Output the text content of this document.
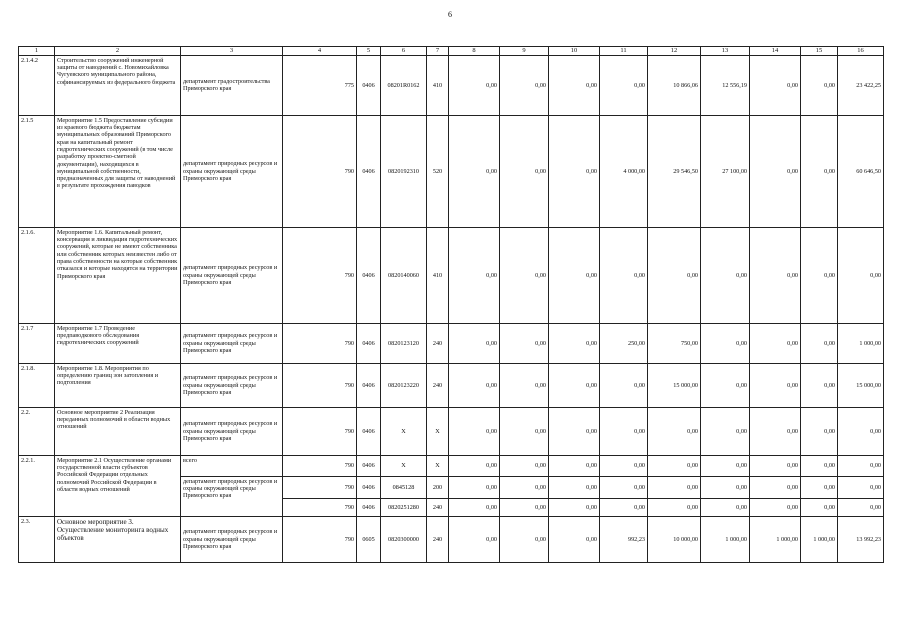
6
1	2	3	4	5	6	7	8	9	10	11	12	13	14	15	16
2.1.4.2	Строительство сооружений инженерной защиты от наводнений с. Новомихайловка Чугуевского муниципального района, софинансируемых из федерального бюджета	департамент градостроительства Приморского края	775	0406	08201R0162	410	0,00	0,00	0,00	0,00	10 866,06	12 556,19	0,00	0,00	23 422,25
2.1.5	Мероприятие 1.5 Предоставление субсидии из краевого бюджета бюджетам муниципальных образований Приморского края на капитальный ремонт гидротехнических сооружений (в том числе разработку проектно-сметной документации), находящихся в муниципальной собственности, предназначенных для защиты от наводнений в результате прохождения паводков	департамент природных ресурсов и охраны окружающей среды Приморского края	790	0406	0820192310	520	0,00	0,00	0,00	4 000,00	29 546,50	27 100,00	0,00	0,00	60 646,50
2.1.6.	Мероприятие 1.6. Капитальный ремонт, консервация и ликвидация гидротехнических сооружений, которые не имеют собственника или собственник которых неизвестен либо от права собственности на которые собственник отказался и которые находятся на территории Приморского края	департамент природных ресурсов и охраны окружающей среды Приморского края	790	0406	0820140060	410	0,00	0,00	0,00	0,00	0,00	0,00	0,00	0,00	0,00
2.1.7	Мероприятие 1.7 Проведение предпаводкового обследования гидротехнических сооружений	департамент природных ресурсов и охраны окружающей среды Приморского края	790	0406	0820123120	240	0,00	0,00	0,00	250,00	750,00	0,00	0,00	0,00	1 000,00
2.1.8.	Мероприятие 1.8. Мероприятия по определению границ зон затопления и подтопления	департамент природных ресурсов и охраны окружающей среды Приморского края	790	0406	0820123220	240	0,00	0,00	0,00	0,00	15 000,00	0,00	0,00	0,00	15 000,00
2.2.	Основное мероприятие 2 Реализация переданных полномочий в области водных отношений	департамент природных ресурсов и охраны окружающей среды Приморского края	790	0406	X	X	0,00	0,00	0,00	0,00	0,00	0,00	0,00	0,00	0,00
2.2.1.	Мероприятие 2.1 Осуществление органами государственной власти субъектов Российской Федерации отдельных полномочий Российской Федерации в области водных отношений	всего	790	0406	X	X	0,00	0,00	0,00	0,00	0,00	0,00	0,00	0,00	0,00
		департамент природных ресурсов и охраны окружающей среды Приморского края	790	0406	0845128	200	0,00	0,00	0,00	0,00	0,00	0,00	0,00	0,00	0,00
			790	0406	0820251280	240	0,00	0,00	0,00	0,00	0,00	0,00	0,00	0,00	0,00
2.3.	Основное мероприятие 3. Осуществление мониторинга водных объектов	департамент природных ресурсов и охраны окружающей среды Приморского края	790	0605	0820300000	240	0,00	0,00	0,00	992,23	10 000,00	1 000,00	1 000,00	1 000,00	13 992,23
